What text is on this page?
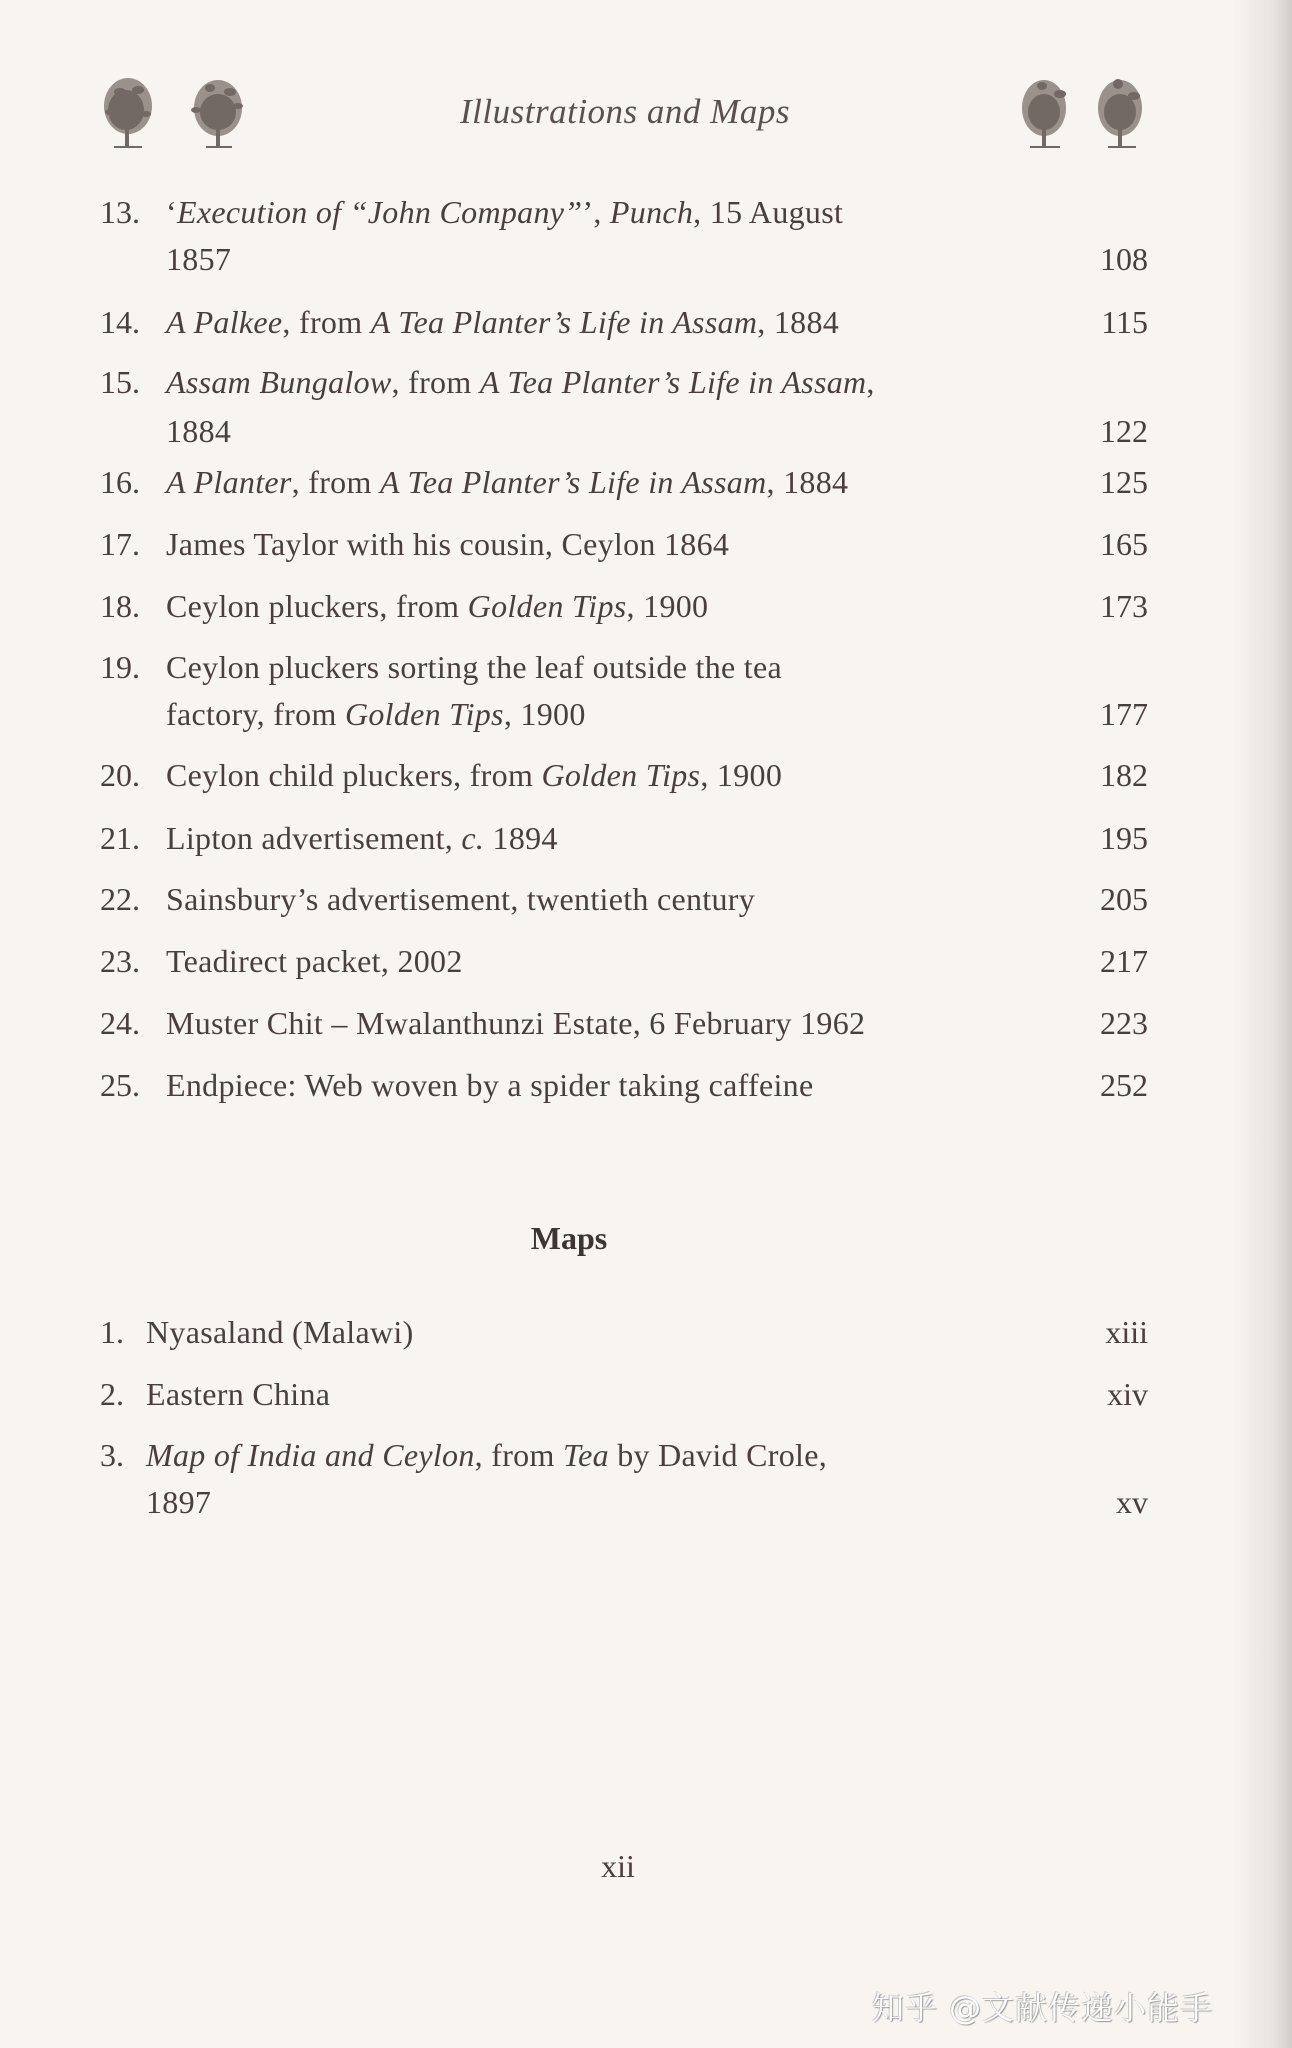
Illustrations and Maps
13. ‘Execution of “John Company”’, Punch, 15 August
1857	108
14. A Palkee, from A Tea Planter’s Life in Assam, 1884	115
15. Assam Bungalow, from A Tea Planter’s Life in Assam,
1884	122
16. A Planter, from A Tea Planter’s Life in Assam, 1884	125
17. James Taylor with his cousin, Ceylon 1864	165
18. Ceylon pluckers, from Golden Tips, 1900	173
19. Ceylon pluckers sorting the leaf outside the tea
factory, from Golden Tips, 1900	177
20. Ceylon child pluckers, from Golden Tips, 1900	182
21. Lipton advertisement, c. 1894	195
22. Sainsbury’s advertisement, twentieth century	205
23. Teadirect packet, 2002	217
24. Muster Chit – Mwalanthunzi Estate, 6 February 1962	223
25. Endpiece: Web woven by a spider taking caffeine	252
Maps
1. Nyasaland (Malawi)	xiii
2. Eastern China	xiv
3. Map of India and Ceylon, from Tea by David Crole,
1897	xv
xii
知乎 @文献传递小能手
